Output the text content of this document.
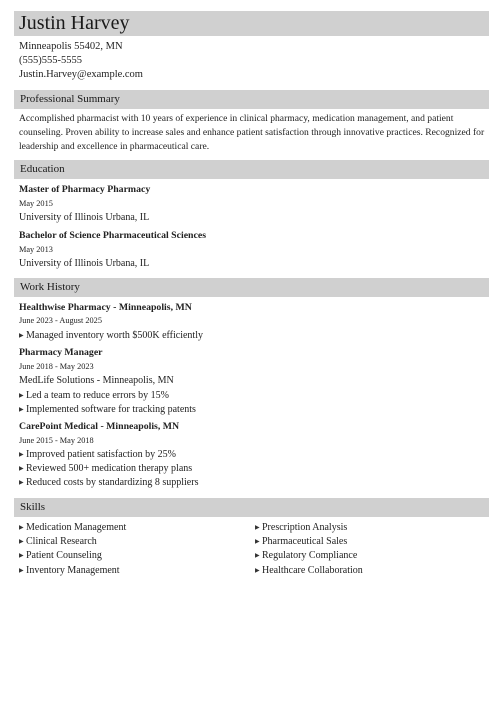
Justin Harvey
Minneapolis 55402, MN
(555)555-5555
Justin.Harvey@example.com
Professional Summary
Accomplished pharmacist with 10 years of experience in clinical pharmacy, medication management, and patient counseling. Proven ability to increase sales and enhance patient satisfaction through innovative practices. Recognized for leadership and excellence in pharmaceutical care.
Education
Master of Pharmacy Pharmacy
May 2015
University of Illinois Urbana, IL
Bachelor of Science Pharmaceutical Sciences
May 2013
University of Illinois Urbana, IL
Work History
Healthwise Pharmacy - Minneapolis, MN
June 2023 - August 2025
▶ Managed inventory worth $500K efficiently
Pharmacy Manager
June 2018 - May 2023
MedLife Solutions - Minneapolis, MN
▶ Led a team to reduce errors by 15%
▶ Implemented software for tracking patents
CarePoint Medical - Minneapolis, MN
June 2015 - May 2018
▶ Improved patient satisfaction by 25%
▶ Reviewed 500+ medication therapy plans
▶ Reduced costs by standardizing 8 suppliers
Skills
▶ Medication Management
▶ Clinical Research
▶ Patient Counseling
▶ Inventory Management
▶ Prescription Analysis
▶ Pharmaceutical Sales
▶ Regulatory Compliance
▶ Healthcare Collaboration
